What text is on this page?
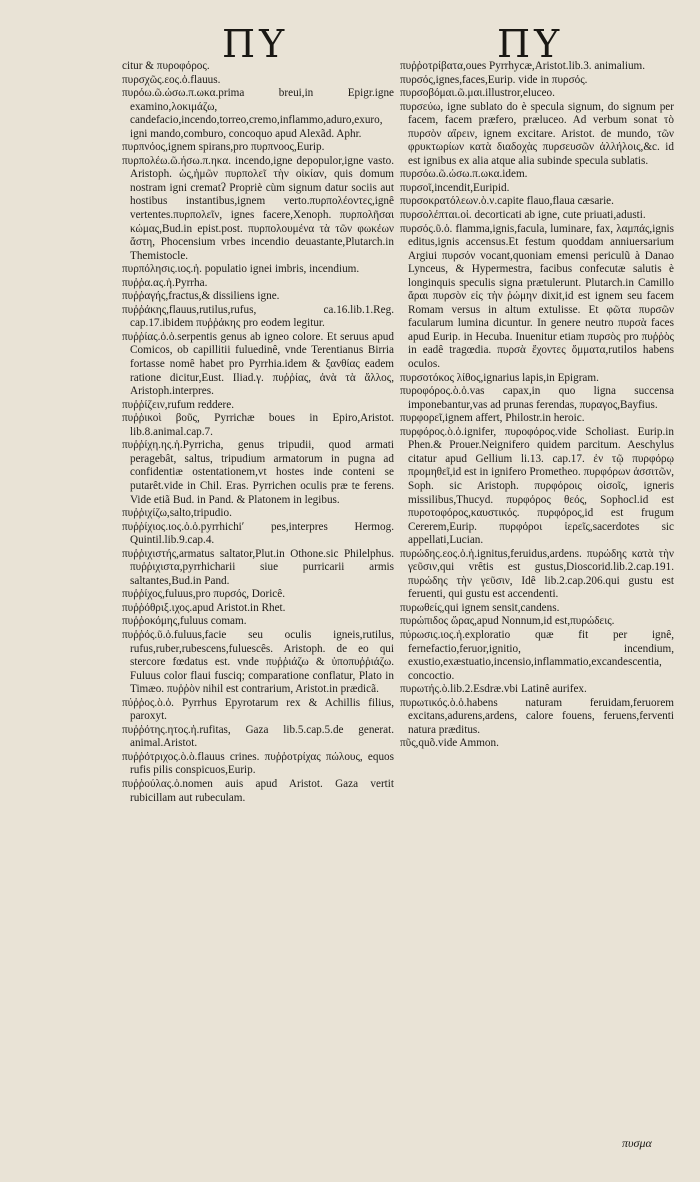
ΠΥ	ΠΥ

citur & πυροφόρος.

πυρσχῶς.εος.ὁ.flauus.

πυρόω.ῶ.ώσω.π.ωκα.prima breui,in Epigr.igne examino,λοκιμάζω, candefacio,incendo,torreo,cremo,inflammo,aduro,exuro, igni mando,comburo, concoquo apud Alexãd. Aphr.

πυρπνόος,ignem spirans,pro πυρπνοος,Eurip.

πυρπολέω.ῶ.ήσω.π.ηκα. incendo,igne depopulor,igne vasto. Aristoph. ὡς,ἡμῶν πυρπολεῖ τὴν οἰκίαν, quis domum nostram igni crematʔ Propriè cùm signum datur sociis aut hostibus instantibus,ignem verto.πυρπολέοντες,ignê vertentes.πυρπολεῖν, ignes facere,Xenoph. πυρπολῆσαι κώμας,Bud.in epist.post. πυρπολουμένα τὰ τῶν φωκέων ἄστη, Phocensium vrbes incendio deuastante,Plutarch.in Themistocle.

πυρπόλησις.ιος.ἡ. populatio ignei imbris, incendium.

πυῤῥα.ας.ἡ.Pyrrha.

πυῤῥαγής,fractus,& dissiliens igne.

πυῤῥάκης,flauus,rutilus,rufus, ca.16.lib.1.Reg. cap.17.ibidem πυῤῥάκης pro eodem legitur.

πυῤῥίας.ὁ.ὁ.serpentis genus ab igneo colore. Et seruus apud Comicos, ob capillitii fuluedinê, vnde Terentianus Birria fortasse nomê habet pro Pyrrhia.idem & ξανθίας eadem ratione dicitur,Eust. Iliad.γ. πυῤῥίας, ἀνὰ τὰ ἄλλος, Aristoph.interpres.

πυῤῥίζειν,rufum reddere.

πυῤῥικοὶ βοῦς, Pyrrichæ boues in Epiro,Aristot. lib.8.animal.cap.7.

πυῤῥίχη.ης.ἡ.Pyrricha, genus tripudii, quod armati peragebât, saltus, tripudium armatorum in pugna ad confidentiæ ostentationem,vt hostes inde conteni se putarêt.vide in Chil. Eras. Pyrrichen oculis præ te ferens. Vide etiã Bud. in Pand. & Platonem in legibus.

πυῤῥιχίζω,salto,tripudio.

πυῤῥίχιος.ιος.ὁ.ὁ.pyrrhichiʹ pes,interpres Hermog. Quintil.lib.9.cap.4.

πυῤῥιχιστής,armatus saltator,Plut.in Othone.sic Philelphus. πυῤῥιχιστα,pyrrhicharii siue purricarii armis saltantes,Bud.in Pand.

πυῤῥίχος,fuluus,pro πυρσός, Doricê.

πυῤῥόθριξ.ιχος.apud Aristot.in Rhet.

πυῤῥοκόμης,fuluus comam.

πυῤῥός.ῦ.ὁ.fuluus,facie seu oculis igneis,rutilus, rufus,ruber,rubescens,fuluescês. Aristoph. de eo qui stercore fœdatus est. vnde πυῤῥιάζω & ὑποπυῤῥιάζω. Fuluus color flaui fusciq; comparatione conflatur, Plato in Timæo. πυῤῥὸν nihil est contrarium, Aristot.in prædicã.

πύῤῥος.ὸ.ὁ. Pyrrhus Epyrotarum rex & Achillis filius, paroxyt.

πυῤῥότης.ητος.ἡ.rufitas, Gaza lib.5.cap.5.de generat. animal.Aristot.

πυῤῥότριχος.ὸ.ὸ.flauus crines. πυῤῥοτρίχας πώλους, equos rufis pilis conspicuos,Eurip.

πυῤῥούλας.ὁ.nomen auis apud Aristot. Gaza vertit rubicillam aut rubeculam.

πυῤῥοτρίβατα,oues Pyrrhycæ,Aristot.lib.3. animalium.

πυρσός,ignes,faces,Eurip. vide in πυρσός.

πυρσοβόμαι.ῶ.μαι.illustror,eluceo.

πυρσεύω, igne sublato do è specula signum, do signum per facem, facem præfero, præluceo. Ad verbum sonat τὸ πυρσὸν αἴρειν, ignem excitare. Aristot. de mundo, τῶν φρυκτωρίων κατὰ διαδοχὰς πυρσευσῶν ἀλλήλοις,&c. id est ignibus ex alia atque alia subinde specula sublatis.

πυρσόω.ῶ.ώσω.π.ωκα.idem.

πυρσοῖ,incendit,Euripid.

πυρσοκρατόλεων.ὸ.ν.capite flauo,flaua cæsarie.

πυρσολέπται.οἱ. decorticati ab igne, cute priuati,adusti.

πυρσός.ῦ.ὁ. flamma,ignis,facula, luminare, fax, λαμπάς,ignis editus,ignis accensus.Et festum quoddam anniuersarium Argiui πυρσόν vocant,quoniam emensi periculũ à Danao Lynceus, & Hypermestra, facibus confecutæ salutis è longinquis speculis signa prætulerunt. Plutarch.in Camillo ἄραι πυρσὸν εἰς τὴν ῥώμην dixit,id est ignem seu facem Romam versus in altum extulisse. Et φῶτα πυρσῶν facularum lumina dicuntur. In genere neutro πυρσὰ faces apud Eurip. in Hecuba. Inuenitur etiam πυρσὸς pro πυῤῥὸς in eadê tragœdia. πυρσὰ ἔχοντες ὄμματα,rutilos habens oculos.

πυρσοτόκος λίθος,ignarius lapis,in Epigram.

πυροφόρος.ὸ.ὁ.vas capax,in quo ligna succensa imponebantur,vas ad prunas ferendas, πυραγος,Bayfius.

πυρφορεῖ,ignem affert, Philostr.in heroic.

πυρφόρος.ὸ.ὁ.ignifer, πυροφόρος.vide Scholiast. Eurip.in Phen.& Prouer.Neignifero quidem parcitum. Aeschylus citatur apud Gellium li.13. cap.17. ἐν τῷ πυρφόρῳ προμηθεῖ,id est in ignifero Prometheo. πυρφόρων ἀσσιτῶν, Soph. sic Aristoph. πυρφόροις οἰσοῖς, igneris missilibus,Thucyd. πυρφόρος θεός, Sophocl.id est πυροτοφόρος,καυστικός. πυρφόρος,id est frugum Cererem,Eurip. πυρφόροι ἱερεῖς,sacerdotes sic appellati,Lucian.

πυρώδης.εος.ὁ.ἡ.ignitus,feruidus,ardens. πυρώδης κατὰ τὴν γεῦσιν,qui vrêtis est gustus,Dioscorid.lib.2.cap.191. πυρώδης τὴν γεῦσιν, Idê lib.2.cap.206.qui gustu est feruenti, qui gustu est accendenti.

πυρωθείς,qui ignem sensit,candens.

πυρώπιδος ὥρας,apud Nonnum,id est,πυρώδεις.

πύρωσις.ιος.ἡ.exploratio quæ fit per ignê, fernefactio,feruor,ignitio, incendium, exustio,exæstuatio,incensio,inflammatio,excandescentia, concoctio.

πυρωτής.ὸ.lib.2.Esdræ.vbi Latinê aurifex.

πυρωτικός.ὸ.ὁ.habens naturam feruidam,feruorem excitans,adurens,ardens, calore fouens, feruens,ferventi natura præditus.

πῦς,quõ.vide Ammon.

πυσμα
